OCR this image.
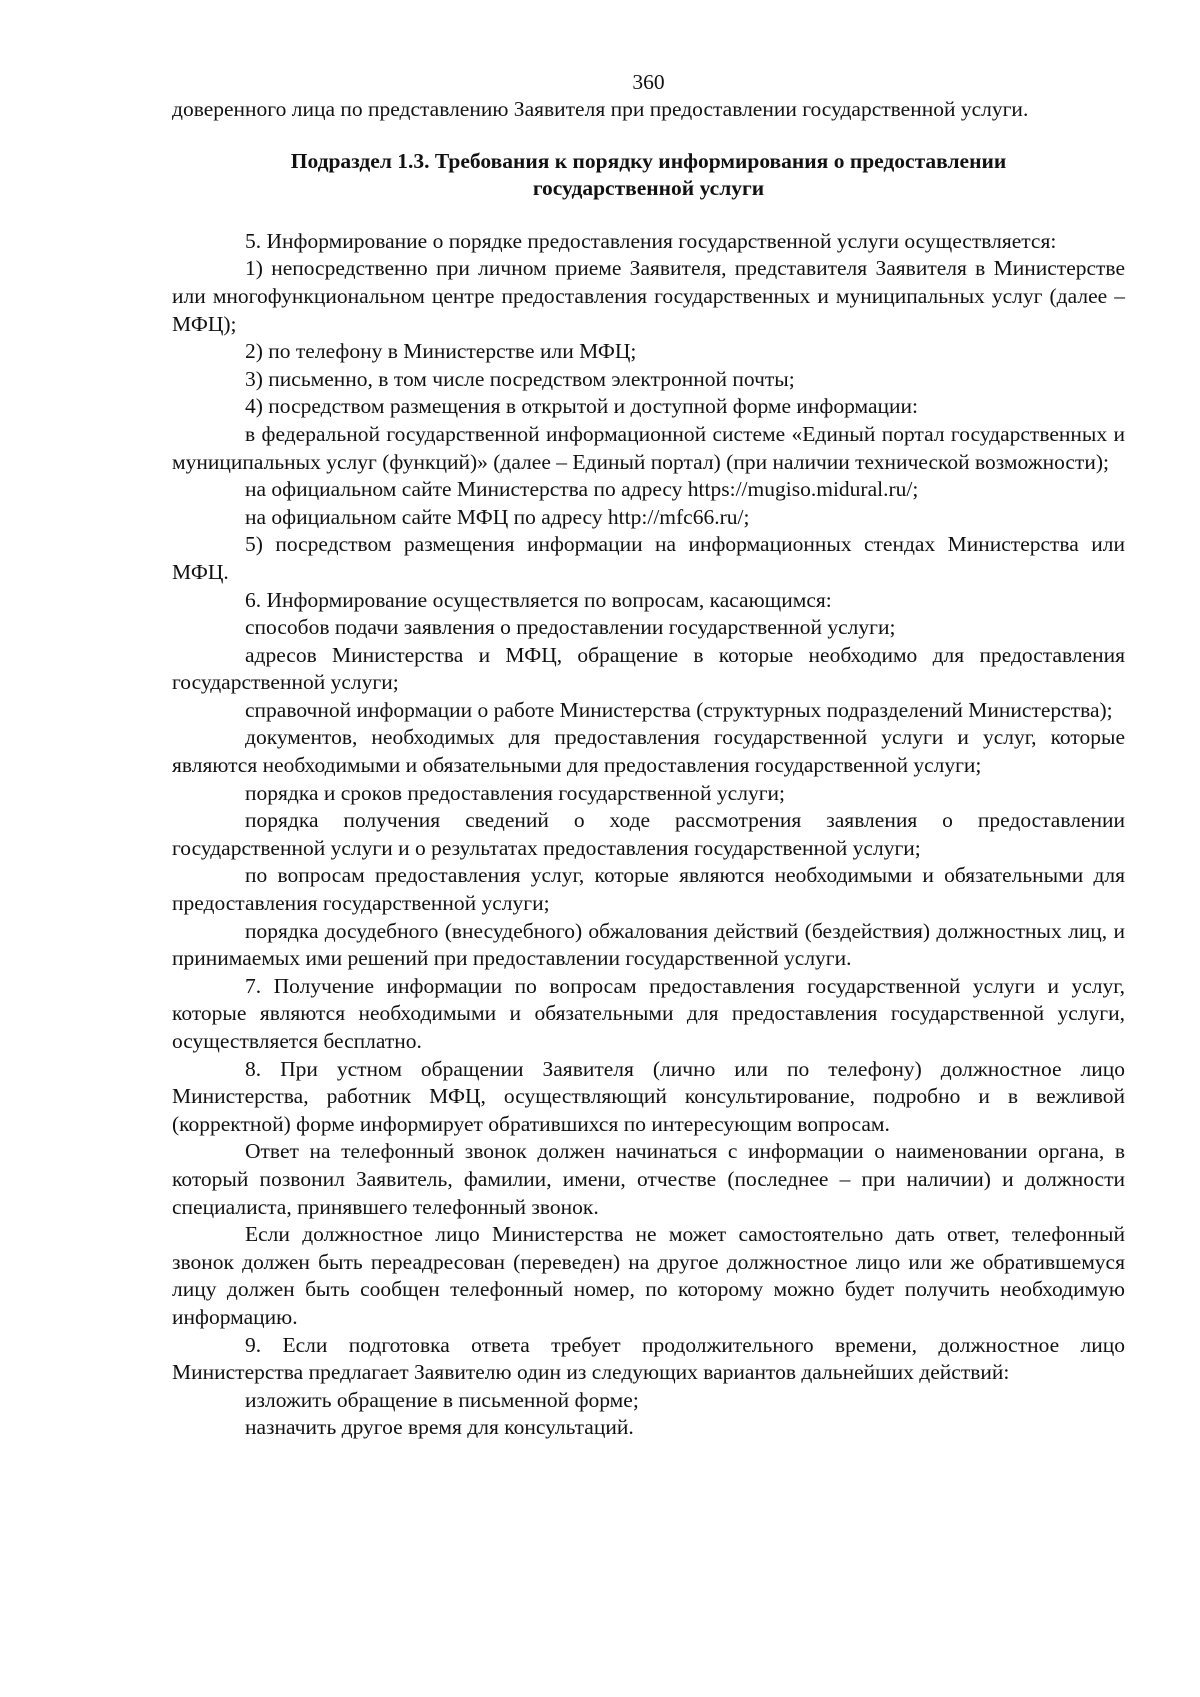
360

доверенного лица по представлению Заявителя при предоставлении государственной услуги.

Подраздел 1.3. Требования к порядку информирования о предоставлении
государственной услуги

5. Информирование о порядке предоставления государственной услуги осуществляется:

1) непосредственно при личном приеме Заявителя, представителя Заявителя в Министерстве или многофункциональном центре предоставления государственных и муниципальных услуг (далее – МФЦ);

2) по телефону в Министерстве или МФЦ;

3) письменно, в том числе посредством электронной почты;

4) посредством размещения в открытой и доступной форме информации:

в федеральной государственной информационной системе «Единый портал государственных и муниципальных услуг (функций)» (далее – Единый портал) (при наличии технической возможности);

на официальном сайте Министерства по адресу https://mugiso.midural.ru/;

на официальном сайте МФЦ по адресу http://mfc66.ru/;

5) посредством размещения информации на информационных стендах Министерства или МФЦ.

6. Информирование осуществляется по вопросам, касающимся:

способов подачи заявления о предоставлении государственной услуги;

адресов Министерства и МФЦ, обращение в которые необходимо для предоставления государственной услуги;

справочной информации о работе Министерства (структурных подразделений Министерства);

документов, необходимых для предоставления государственной услуги и услуг, которые являются необходимыми и обязательными для предоставления государственной услуги;

порядка и сроков предоставления государственной услуги;

порядка получения сведений о ходе рассмотрения заявления о предоставлении государственной услуги и о результатах предоставления государственной услуги;

по вопросам предоставления услуг, которые являются необходимыми и обязательными для предоставления государственной услуги;

порядка досудебного (внесудебного) обжалования действий (бездействия) должностных лиц, и принимаемых ими решений при предоставлении государственной услуги.

7. Получение информации по вопросам предоставления государственной услуги и услуг, которые являются необходимыми и обязательными для предоставления государственной услуги, осуществляется бесплатно.

8. При устном обращении Заявителя (лично или по телефону) должностное лицо Министерства, работник МФЦ, осуществляющий консультирование, подробно и в вежливой (корректной) форме информирует обратившихся по интересующим вопросам.

Ответ на телефонный звонок должен начинаться с информации о наименовании органа, в который позвонил Заявитель, фамилии, имени, отчестве (последнее – при наличии) и должности специалиста, принявшего телефонный звонок.

Если должностное лицо Министерства не может самостоятельно дать ответ, телефонный звонок должен быть переадресован (переведен) на другое должностное лицо или же обратившемуся лицу должен быть сообщен телефонный номер, по которому можно будет получить необходимую информацию.

9. Если подготовка ответа требует продолжительного времени, должностное лицо Министерства предлагает Заявителю один из следующих вариантов дальнейших действий:

изложить обращение в письменной форме;

назначить другое время для консультаций.
